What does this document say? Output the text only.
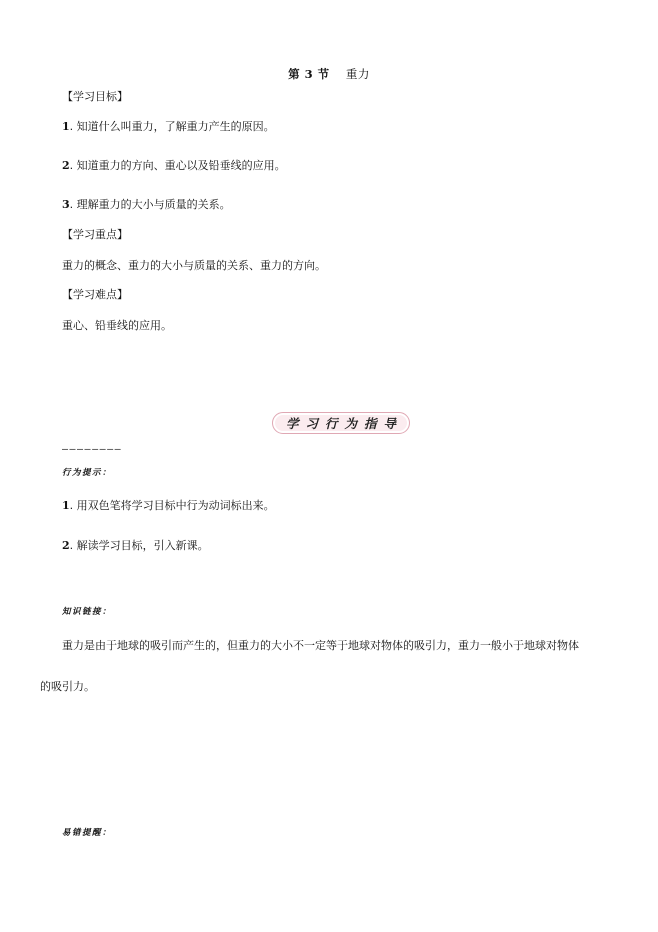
第 3 节 重力
【学习目标】
1. 知道什么叫重力，了解重力产生的原因。
2. 知道重力的方向、重心以及铅垂线的应用。
3. 理解重力的大小与质量的关系。
【学习重点】
重力的概念、重力的大小与质量的关系、重力的方向。
【学习难点】
重心、铅垂线的应用。
学习行为指导
————————
行为提示：
1. 用双色笔将学习目标中行为动词标出来。
2. 解读学习目标，引入新课。
知识链接：
重力是由于地球的吸引而产生的，但重力的大小不一定等于地球对物体的吸引力，重力一般小于地球对物体
的吸引力。
易错提醒：
